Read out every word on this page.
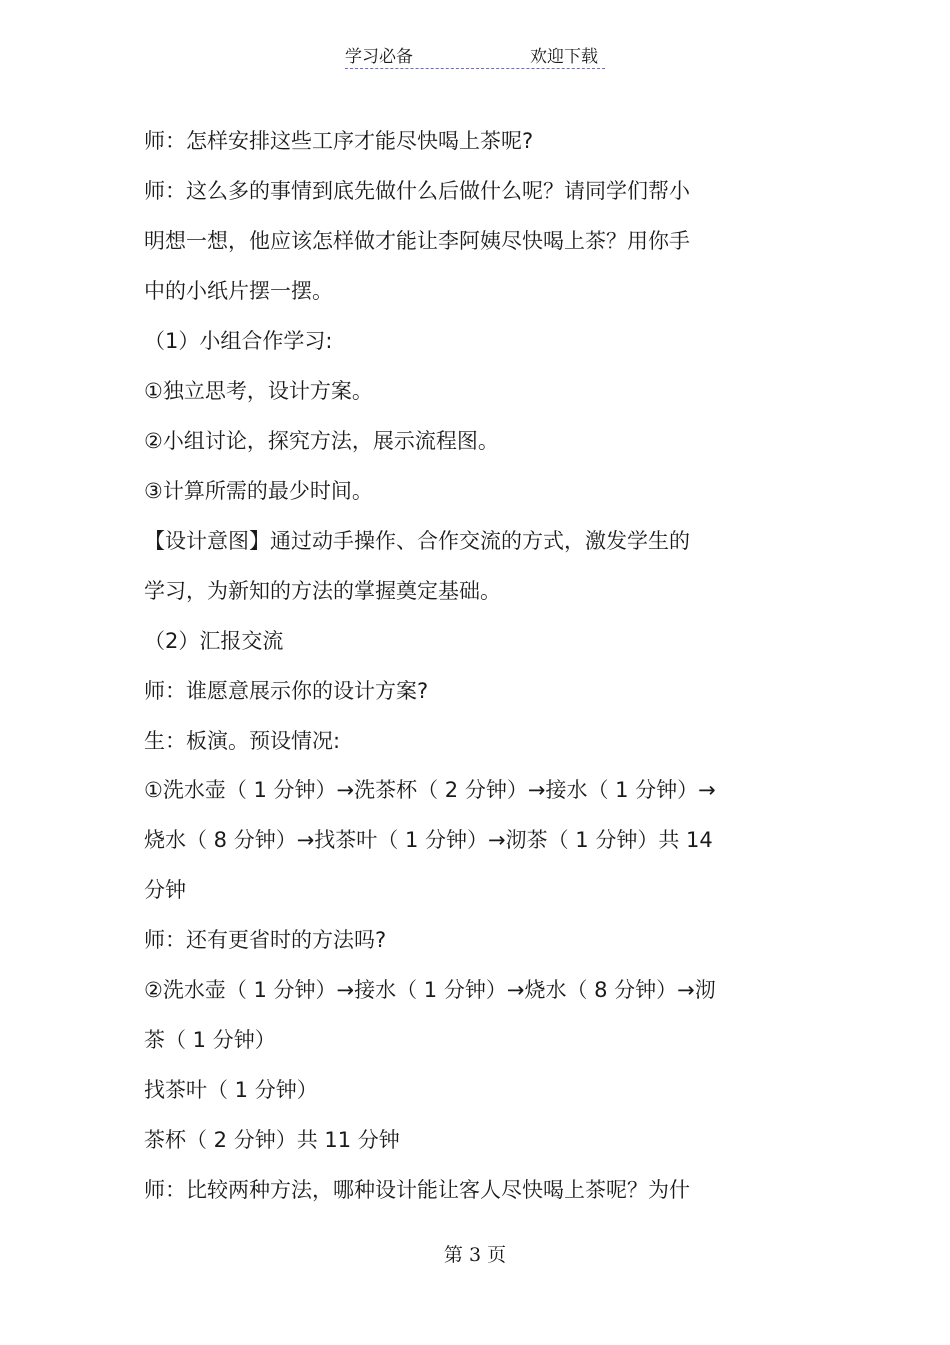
学习必备	欢迎下载
师：怎样安排这些工序才能尽快喝上茶呢?
师：这么多的事情到底先做什么后做什么呢？请同学们帮小
明想一想，他应该怎样做才能让李阿姨尽快喝上茶？用你手
中的小纸片摆一摆。
（1）小组合作学习:
①独立思考，设计方案。
②小组讨论，探究方法，展示流程图。
③计算所需的最少时间。
【设计意图】通过动手操作、合作交流的方式，激发学生的
学习，为新知的方法的掌握奠定基础。
（2）汇报交流
师：谁愿意展示你的设计方案?
生：板演。预设情况:
①洗水壶（ 1 分钟）→洗茶杯（ 2 分钟）→接水（ 1 分钟）→
烧水（ 8 分钟）→找茶叶（ 1 分钟）→沏茶（ 1 分钟）共 14
分钟
师：还有更省时的方法吗?
②洗水壶（ 1 分钟）→接水（ 1 分钟）→烧水（ 8 分钟）→沏
茶（ 1 分钟）
找茶叶（ 1 分钟）
茶杯（ 2 分钟）共 11 分钟
师：比较两种方法，哪种设计能让客人尽快喝上茶呢？为什
第 3 页
